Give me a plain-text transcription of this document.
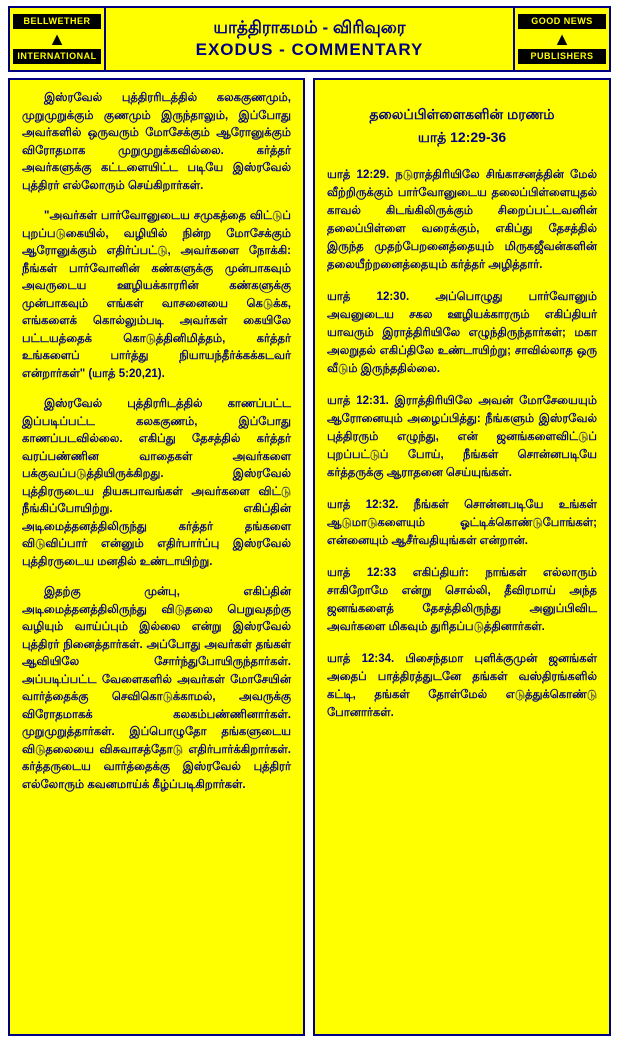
BELLWETHER
▲
INTERNATIONAL
யாத்திராகமம் - விரிவுரை
EXODUS - COMMENTARY
GOOD NEWS
▲
PUBLISHERS

இஸ்ரவேல் புத்திரரிடத்தில் கலககுணமும், முறுமுறுக்கும் குணமும் இருந்தாலும், இப்போது அவர்களில் ஒருவரும் மோசேக்கும் ஆரோனுக்கும் விரோதமாக முறுமுறுக்கவில்லை. கர்த்தர் அவர்களுக்கு கட்டளையிட்ட படியே இஸ்ரவேல் புத்திரர் எல்லோரும் செய்கிறார்கள்.

"அவர்கள் பார்வோனுடைய சமுகத்தை விட்டுப் புறப்படுகையில், வழியில் நின்ற மோசேக்கும் ஆரோனுக்கும் எதிர்ப்பட்டு, அவர்களை நோக்கி: நீங்கள் பார்வோனின் கண்களுக்கு முன்பாகவும் அவருடைய ஊழியக்காரரின் கண்களுக்கு முன்பாகவும் எங்கள் வாசனையை கெடுக்க, எங்களைக் கொல்லும்படி அவர்கள் கையிலே பட்டயத்தைக் கொடுத்தினிமித்தம், கர்த்தர் உங்களைப் பார்த்து நியாயந்தீர்க்கக்கடவர் என்றார்கள்" (யாத் 5:20,21).

இஸ்ரவேல் புத்திரரிடத்தில் காணப்பட்ட இப்படிப்பட்ட கலககுணம், இப்போது காணப்படவில்லை. எகிப்து தேசத்தில் கர்த்தர் வரப்பண்ணின வாதைகள் அவர்களை பக்குவப்படுத்தியிருக்கிறது. இஸ்ரவேல் புத்திரருடைய தியசுபாவங்கள் அவர்களை விட்டு நீங்கிப்போயிற்று. எகிப்தின் அடிமைத்தனத்திலிருந்து கர்த்தர் தங்களை விடுவிப்பார் என்னும் எதிர்பார்ப்பு இஸ்ரவேல் புத்திரருடைய மனதில் உண்டாயிற்று.

இதற்கு முன்பு, எகிப்தின் அடிமைத்தனத்திலிருந்து விடுதலை பெறுவதற்கு வழியும் வாய்ப்பும் இல்லை என்று இஸ்ரவேல் புத்திரர் நினைத்தார்கள். அப்போது அவர்கள் தங்கள் ஆவியிலே சோர்ந்துபோயிருந்தார்கள். அப்படிப்பட்ட வேளைகளில் அவர்கள் மோசேயின் வார்த்தைக்கு செவிகொடுக்காமல், அவருக்கு விரோதமாகக் கலகம்பண்ணினார்கள். முறுமுறுத்தார்கள். இப்பொழுதோ தங்களுடைய விடுதலையை விசுவாசத்தோடு எதிர்பார்க்கிறார்கள். கர்த்தருடைய வார்த்தைக்கு இஸ்ரவேல் புத்திரர் எல்லோரும் கவனமாய்க் கீழ்ப்படிகிறார்கள்.

தலைப்பிள்ளைகளின் மரணம்
யாத் 12:29-36

யாத் 12:29. நடுராத்திரியிலே சிங்காசனத்தின் மேல் வீற்றிருக்கும் பார்வோனுடைய தலைப்பிள்ளையுதல் காவல் கிடங்கிலிருக்கும் சிறைப்பட்டவனின் தலைப்பிள்ளை வரைக்கும், எகிப்து தேசத்தில் இருந்த முதற்பேறனைத்தையும் மிருகஜீவன்களின் தலையீற்றனைத்தையும் கர்த்தர் அழித்தார்.

யாத் 12:30. அப்பொழுது பார்வோனும் அவனுடைய சகல ஊழியக்காரரும் எகிப்தியர் யாவரும் இராத்திரியிலே எழுந்திருந்தார்கள்; மகா அலறுதல் எகிப்திலே உண்டாயிற்று; சாவில்லாத ஒரு வீடும் இருந்ததில்லை.

யாத் 12:31. இராத்திரியிலே அவன் மோசேயையும் ஆரோனையும் அழைப்பித்து: நீங்களும் இஸ்ரவேல் புத்திரரும் எழுந்து, என் ஜனங்களைவிட்டுப் புறப்பட்டுப் போய், நீங்கள் சொன்னபடியே கர்த்தருக்கு ஆராதனை செய்யுங்கள்.

யாத் 12:32. நீங்கள் சொன்னபடியே உங்கள் ஆடுமாடுகளையும் ஓட்டிக்கொண்டுபோங்கள்; என்னையும் ஆசீர்வதியுங்கள் என்றான்.

யாத் 12:33 எகிப்தியர்: நாங்கள் எல்லாரும் சாகிறோமே என்று சொல்லி, தீவிரமாய் அந்த ஜனங்களைத் தேசத்திலிருந்து அனுப்பிவிட அவர்களை மிகவும் துரிதப்படுத்தினார்கள்.

யாத் 12:34. பிசைந்தமா புளிக்குமுன் ஜனங்கள் அதைப் பாத்திரத்துடனே தங்கள் வஸ்திரங்களில் கட்டி, தங்கள் தோள்மேல் எடுத்துக்கொண்டு போனார்கள்.
